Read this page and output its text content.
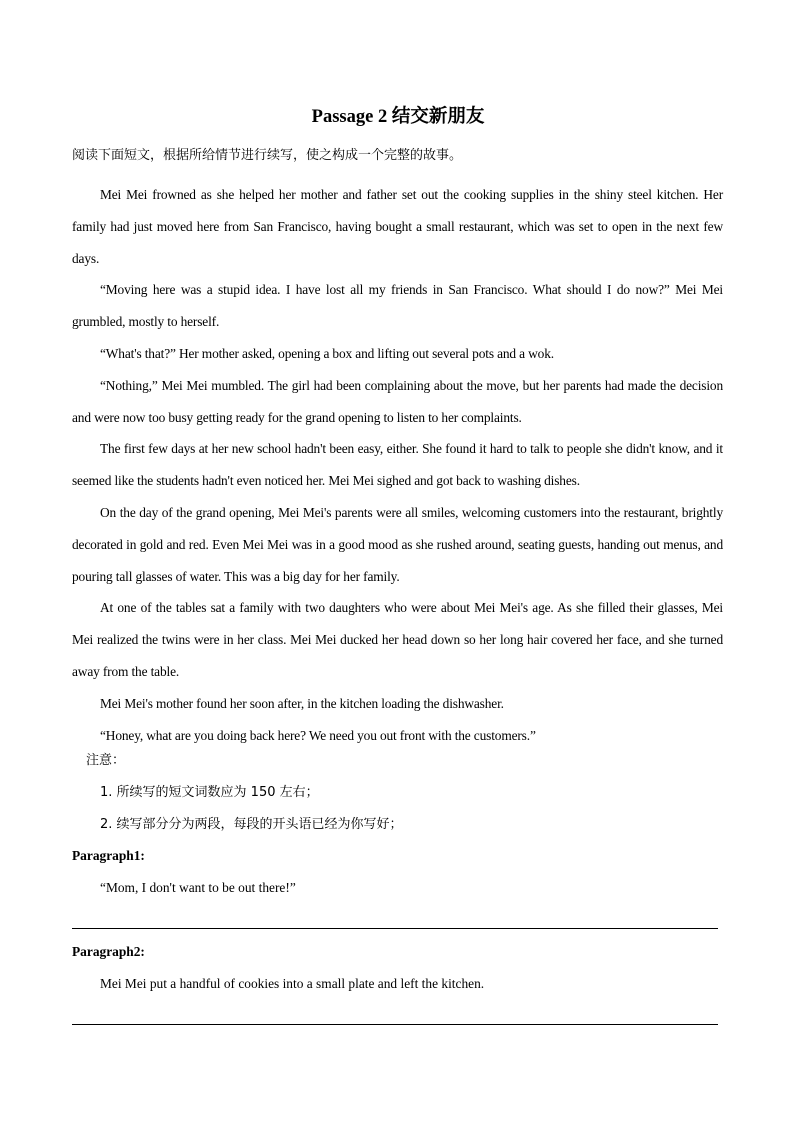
Passage 2 结交新朋友
阅读下面短文，根据所给情节进行续写，使之构成一个完整的故事。

Mei Mei frowned as she helped her mother and father set out the cooking supplies in the shiny steel kitchen. Her family had just moved here from San Francisco, having bought a small restaurant, which was set to open in the next few days.

“Moving here was a stupid idea. I have lost all my friends in San Francisco. What should I do now?” Mei Mei grumbled, mostly to herself.

“What's that?” Her mother asked, opening a box and lifting out several pots and a wok.

“Nothing,” Mei Mei mumbled. The girl had been complaining about the move, but her parents had made the decision and were now too busy getting ready for the grand opening to listen to her complaints.

The first few days at her new school hadn't been easy, either. She found it hard to talk to people she didn't know, and it seemed like the students hadn't even noticed her. Mei Mei sighed and got back to washing dishes.

On the day of the grand opening, Mei Mei's parents were all smiles, welcoming customers into the restaurant, brightly decorated in gold and red. Even Mei Mei was in a good mood as she rushed around, seating guests, handing out menus, and pouring tall glasses of water. This was a big day for her family.

At one of the tables sat a family with two daughters who were about Mei Mei's age. As she filled their glasses, Mei Mei realized the twins were in her class. Mei Mei ducked her head down so her long hair covered her face, and she turned away from the table.

Mei Mei's mother found her soon after, in the kitchen loading the dishwasher.

“Honey, what are you doing back here? We need you out front with the customers.”

注意：
1. 所续写的短文词数应为 150 左右；
2. 续写部分分为两段，每段的开头语已经为你写好；
Paragraph1:
“Mom, I don't want to be out there!”
Paragraph2:
Mei Mei put a handful of cookies into a small plate and left the kitchen.
